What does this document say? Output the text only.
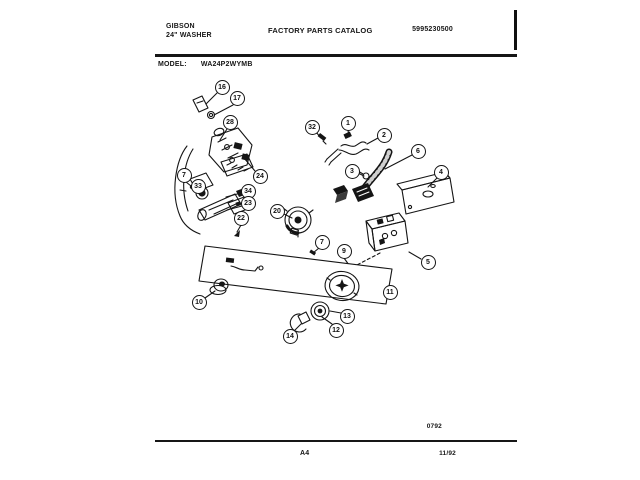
GIBSON
24" WASHER
FACTORY PARTS CATALOG	5995230500
MODEL: WA24P2WYMB
16
17
28
32
1
2
6
3	4
24
7
33
34
23
22
20
7
9
5
11
10
13
12
14
0792
A4	11/92
